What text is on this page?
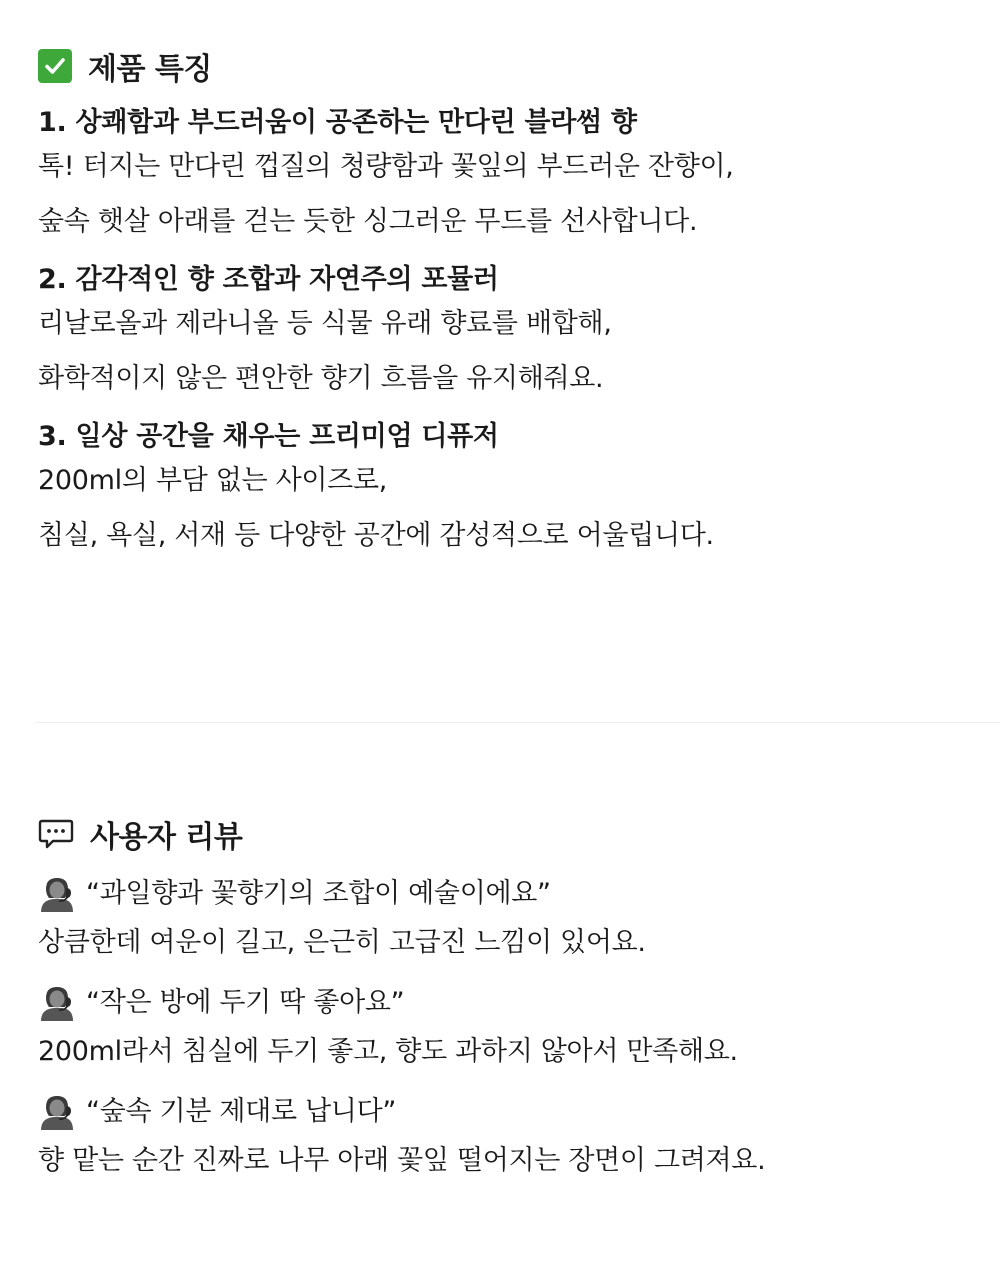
제품 특징
1. 상쾌함과 부드러움이 공존하는 만다린 블라썸 향
톡! 터지는 만다린 껍질의 청량함과 꽃잎의 부드러운 잔향이,
숲속 햇살 아래를 걷는 듯한 싱그러운 무드를 선사합니다.
2. 감각적인 향 조합과 자연주의 포뮬러
리날로올과 제라니올 등 식물 유래 향료를 배합해,
화학적이지 않은 편안한 향기 흐름을 유지해줘요.
3. 일상 공간을 채우는 프리미엄 디퓨저
200ml의 부담 없는 사이즈로,
침실, 욕실, 서재 등 다양한 공간에 감성적으로 어울립니다.
사용자 리뷰
“과일향과 꽃향기의 조합이 예술이에요”
상큼한데 여운이 길고, 은근히 고급진 느낌이 있어요.
“작은 방에 두기 딱 좋아요”
200ml라서 침실에 두기 좋고, 향도 과하지 않아서 만족해요.
“숲속 기분 제대로 납니다”
향 맡는 순간 진짜로 나무 아래 꽃잎 떨어지는 장면이 그려져요.
